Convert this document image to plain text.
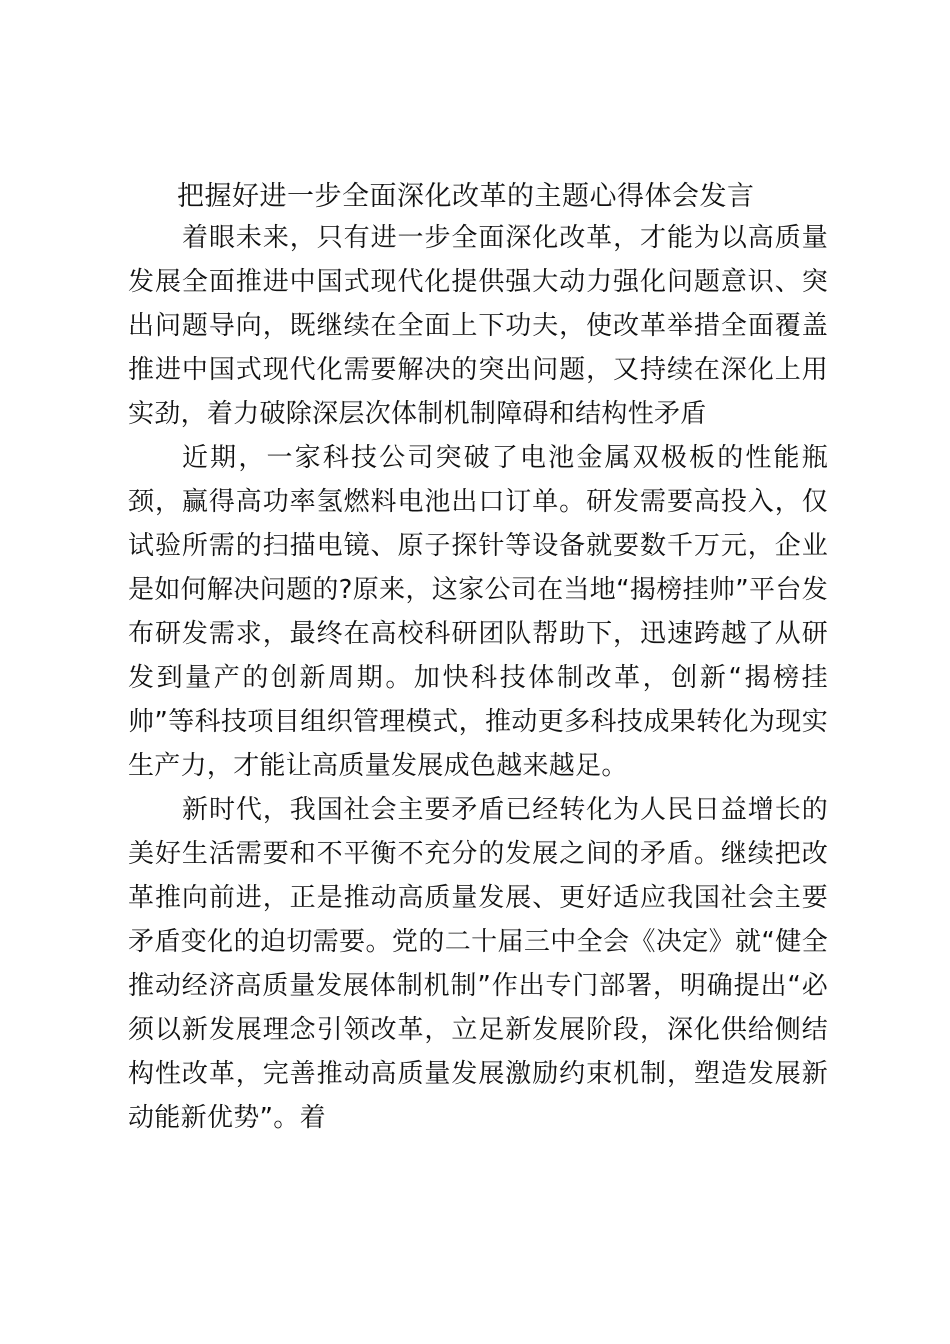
把握好进一步全面深化改革的主题心得体会发言

着眼未来，只有进一步全面深化改革，才能为以高质量发展全面推进中国式现代化提供强大动力强化问题意识、突出问题导向，既继续在全面上下功夫，使改革举措全面覆盖推进中国式现代化需要解决的突出问题，又持续在深化上用实劲，着力破除深层次体制机制障碍和结构性矛盾

近期，一家科技公司突破了电池金属双极板的性能瓶颈，赢得高功率氢燃料电池出口订单。研发需要高投入，仅试验所需的扫描电镜、原子探针等设备就要数千万元，企业是如何解决问题的?原来，这家公司在当地“揭榜挂帅”平台发布研发需求，最终在高校科研团队帮助下，迅速跨越了从研发到量产的创新周期。加快科技体制改革，创新“揭榜挂帅”等科技项目组织管理模式，推动更多科技成果转化为现实生产力，才能让高质量发展成色越来越足。

新时代，我国社会主要矛盾已经转化为人民日益增长的美好生活需要和不平衡不充分的发展之间的矛盾。继续把改革推向前进，正是推动高质量发展、更好适应我国社会主要矛盾变化的迫切需要。党的二十届三中全会《决定》就“健全推动经济高质量发展体制机制”作出专门部署，明确提出“必须以新发展理念引领改革，立足新发展阶段，深化供给侧结构性改革，完善推动高质量发展激励约束机制，塑造发展新动能新优势”。着
